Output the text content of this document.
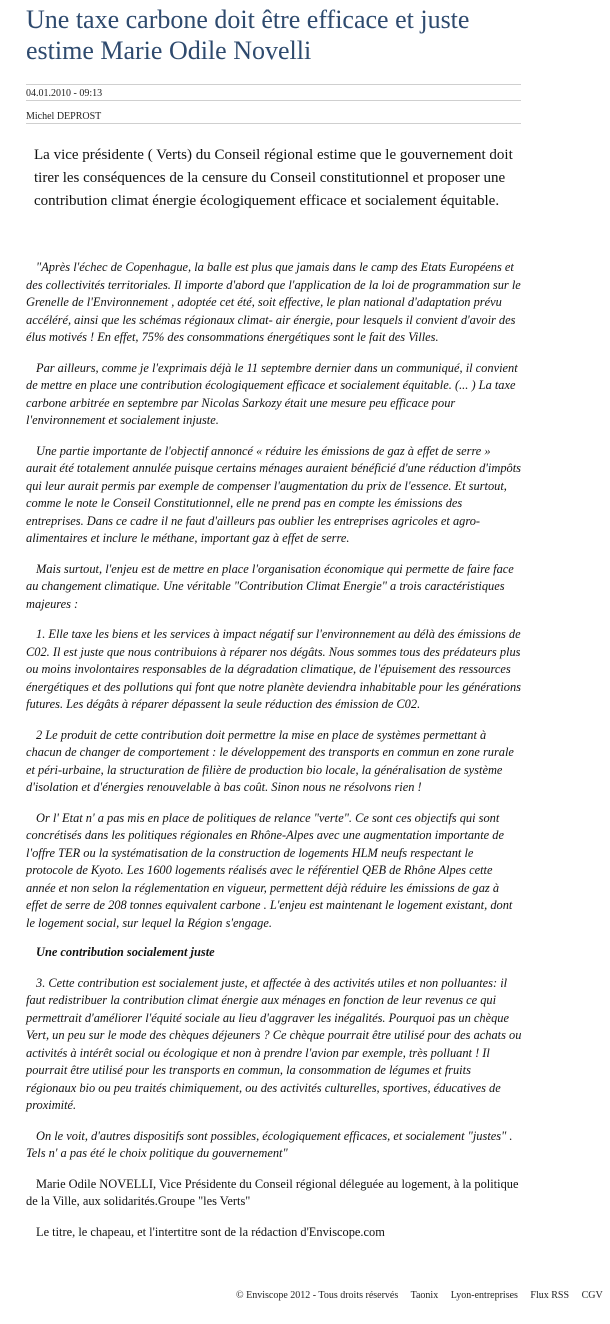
Une taxe carbone doit être efficace et juste estime Marie Odile Novelli
04.01.2010 - 09:13
Michel DEPROST

La vice présidente ( Verts) du Conseil régional estime que le gouvernement doit tirer les conséquences de la censure du Conseil constitutionnel et proposer une contribution climat énergie écologiquement efficace et socialement équitable.

"Après l'échec de Copenhague, la balle est plus que jamais dans le camp des Etats Européens et des collectivités territoriales. Il importe d'abord que l'application de la loi de programmation sur le Grenelle de l'Environnement , adoptée cet été, soit effective, le plan national d'adaptation prévu accéléré, ainsi que les schémas régionaux climat- air énergie, pour lesquels il convient d'avoir des élus motivés ! En effet, 75% des consommations énergétiques sont le fait des Villes.

Par ailleurs, comme je l'exprimais déjà le 11 septembre dernier dans un communiqué, il convient de mettre en place une contribution écologiquement efficace et socialement équitable. (... ) La taxe carbone arbitrée en septembre par Nicolas Sarkozy était une mesure peu efficace pour l'environnement et socialement injuste.

Une partie importante de l'objectif annoncé « réduire les émissions de gaz à effet de serre » aurait été totalement annulée puisque certains ménages auraient bénéficié d'une réduction d'impôts qui leur aurait permis par exemple de compenser l'augmentation du prix de l'essence. Et surtout, comme le note le Conseil Constitutionnel, elle ne prend pas en compte les émissions des entreprises. Dans ce cadre il ne faut d'ailleurs pas oublier les entreprises agricoles et agro-alimentaires et inclure le méthane, important gaz à effet de serre.

Mais surtout, l'enjeu est de mettre en place l'organisation économique qui permette de faire face au changement climatique. Une véritable "Contribution Climat Energie" a trois caractéristiques majeures :

1. Elle taxe les biens et les services à impact négatif sur l'environnement au délà des émissions de C02. Il est juste que nous contribuions à réparer nos dégâts. Nous sommes tous des prédateurs plus ou moins involontaires responsables de la dégradation climatique, de l'épuisement des ressources énergétiques et des pollutions qui font que notre planète deviendra inhabitable pour les générations futures. Les dégâts à réparer dépassent la seule réduction des émission de C02.

2 Le produit de cette contribution doit permettre la mise en place de systèmes permettant à chacun de changer de comportement : le développement des transports en commun en zone rurale et péri-urbaine, la structuration de filière de production bio locale, la généralisation de système d'isolation et d'énergies renouvelable à bas coût. Sinon nous ne résolvons rien !

Or l' Etat n' a pas mis en place de politiques de relance "verte". Ce sont ces objectifs qui sont concrétisés dans les politiques régionales en Rhône-Alpes avec une augmentation importante de l'offre TER ou la systématisation de la construction de logements HLM neufs respectant le protocole de Kyoto. Les 1600 logements réalisés avec le référentiel QEB de Rhône Alpes cette année et non selon la réglementation en vigueur, permettent déjà réduire les émissions de gaz à effet de serre de 208 tonnes equivalent carbone . L'enjeu est maintenant le logement existant, dont le logement social, sur lequel la Région s'engage.

Une contribution socialement juste

3. Cette contribution est socialement juste, et affectée à des activités utiles et non polluantes: il faut redistribuer la contribution climat énergie aux ménages en fonction de leur revenus ce qui permettrait d'améliorer l'équité sociale au lieu d'aggraver les inégalités. Pourquoi pas un chèque Vert, un peu sur le mode des chèques déjeuners ? Ce chèque pourrait être utilisé pour des achats ou activités à intérêt social ou écologique et non à prendre l'avion par exemple, très polluant ! Il pourrait être utilisé pour les transports en commun, la consommation de légumes et fruits régionaux bio ou peu traités chimiquement, ou des activités culturelles, sportives, éducatives de proximité.

On le voit, d'autres dispositifs sont possibles, écologiquement efficaces, et socialement "justes" . Tels n' a pas été le choix politique du gouvernement"

Marie Odile NOVELLI, Vice Présidente du Conseil régional déleguée au logement, à la politique de la Ville, aux solidarités.Groupe "les Verts"

Le titre, le chapeau, et l'intertitre sont de la rédaction d'Enviscope.com

© Enviscope 2012 - Tous droits réservés Taonix Lyon-entreprises Flux RSS CGV
